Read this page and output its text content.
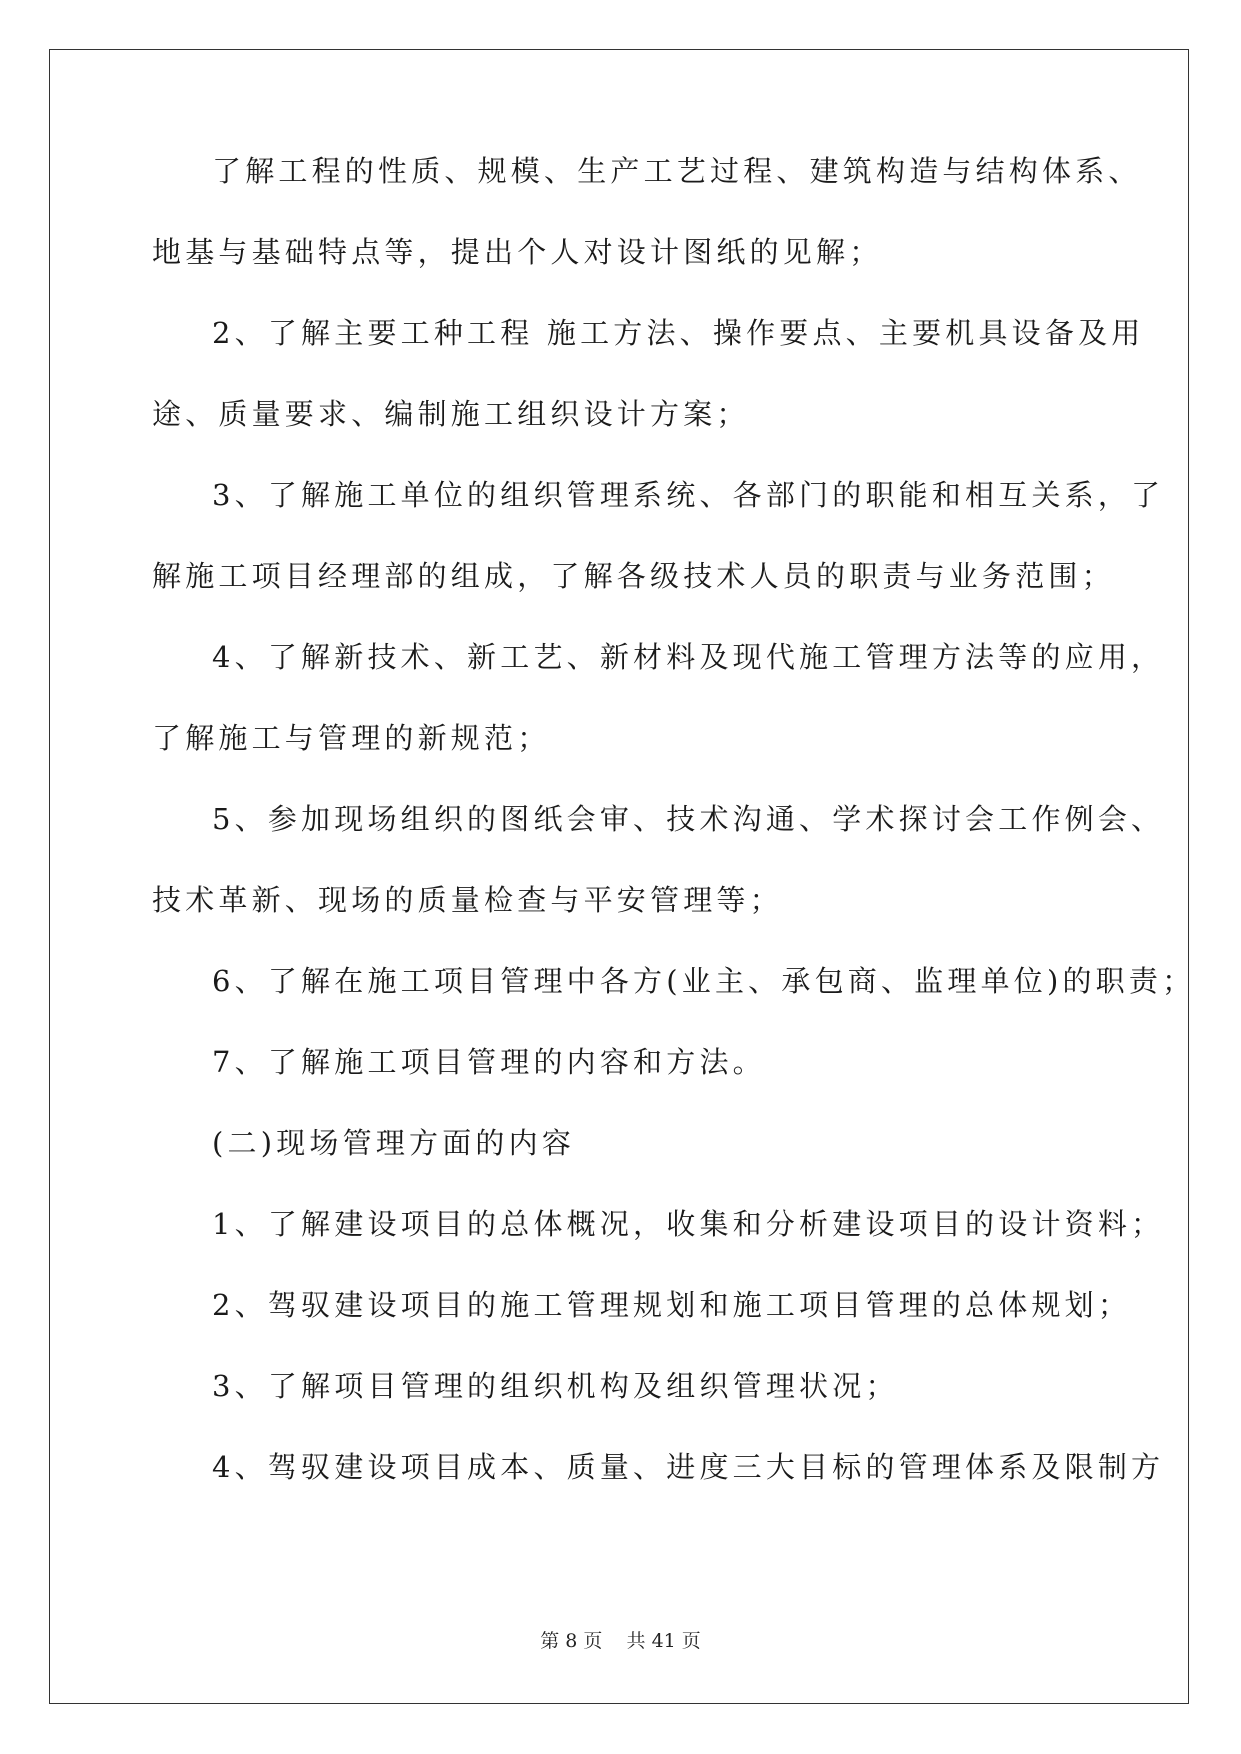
了解工程的性质、规模、生产工艺过程、建筑构造与结构体系、
地基与基础特点等，提出个人对设计图纸的见解；
2、了解主要工种工程 施工方法、操作要点、主要机具设备及用
途、质量要求、编制施工组织设计方案；
3、了解施工单位的组织管理系统、各部门的职能和相互关系，了
解施工项目经理部的组成，了解各级技术人员的职责与业务范围；
4、了解新技术、新工艺、新材料及现代施工管理方法等的应用，
了解施工与管理的新规范；
5、参加现场组织的图纸会审、技术沟通、学术探讨会工作例会、
技术革新、现场的质量检查与平安管理等；
6、了解在施工项目管理中各方(业主、承包商、监理单位)的职责；
7、了解施工项目管理的内容和方法。
(二)现场管理方面的内容
1、了解建设项目的总体概况，收集和分析建设项目的设计资料；
2、驾驭建设项目的施工管理规划和施工项目管理的总体规划；
3、了解项目管理的组织机构及组织管理状况；
4、驾驭建设项目成本、质量、进度三大目标的管理体系及限制方
第 8 页 共 41 页
